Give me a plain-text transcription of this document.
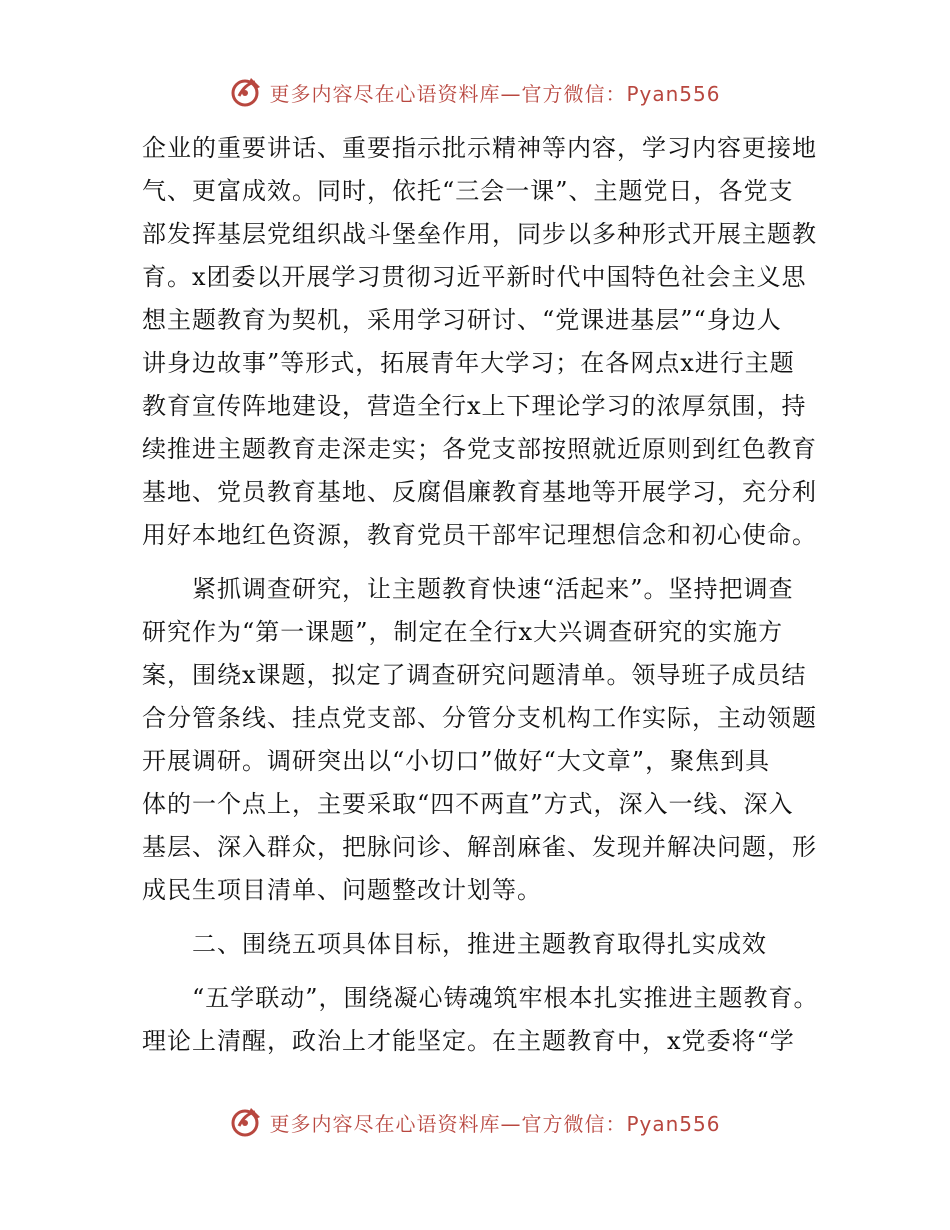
更多内容尽在心语资料库—官方微信：Pyan556
企业的重要讲话、重要指示批示精神等内容，学习内容更接地
气、更富成效。同时，依托“三会一课”、主题党日，各党支
部发挥基层党组织战斗堡垒作用，同步以多种形式开展主题教
育。x团委以开展学习贯彻习近平新时代中国特色社会主义思
想主题教育为契机，采用学习研讨、“党课进基层”“身边人
讲身边故事”等形式，拓展青年大学习；在各网点x进行主题
教育宣传阵地建设，营造全行x上下理论学习的浓厚氛围，持
续推进主题教育走深走实；各党支部按照就近原则到红色教育
基地、党员教育基地、反腐倡廉教育基地等开展学习，充分利
用好本地红色资源，教育党员干部牢记理想信念和初心使命。
　　紧抓调查研究，让主题教育快速“活起来”。坚持把调查
研究作为“第一课题”，制定在全行x大兴调查研究的实施方
案，围绕x课题，拟定了调查研究问题清单。领导班子成员结
合分管条线、挂点党支部、分管分支机构工作实际，主动领题
开展调研。调研突出以“小切口”做好“大文章”，聚焦到具
体的一个点上，主要采取“四不两直”方式，深入一线、深入
基层、深入群众，把脉问诊、解剖麻雀、发现并解决问题，形
成民生项目清单、问题整改计划等。
　　二、围绕五项具体目标，推进主题教育取得扎实成效
　　“五学联动”，围绕凝心铸魂筑牢根本扎实推进主题教育。
理论上清醒，政治上才能坚定。在主题教育中，x党委将“学
更多内容尽在心语资料库—官方微信：Pyan556
